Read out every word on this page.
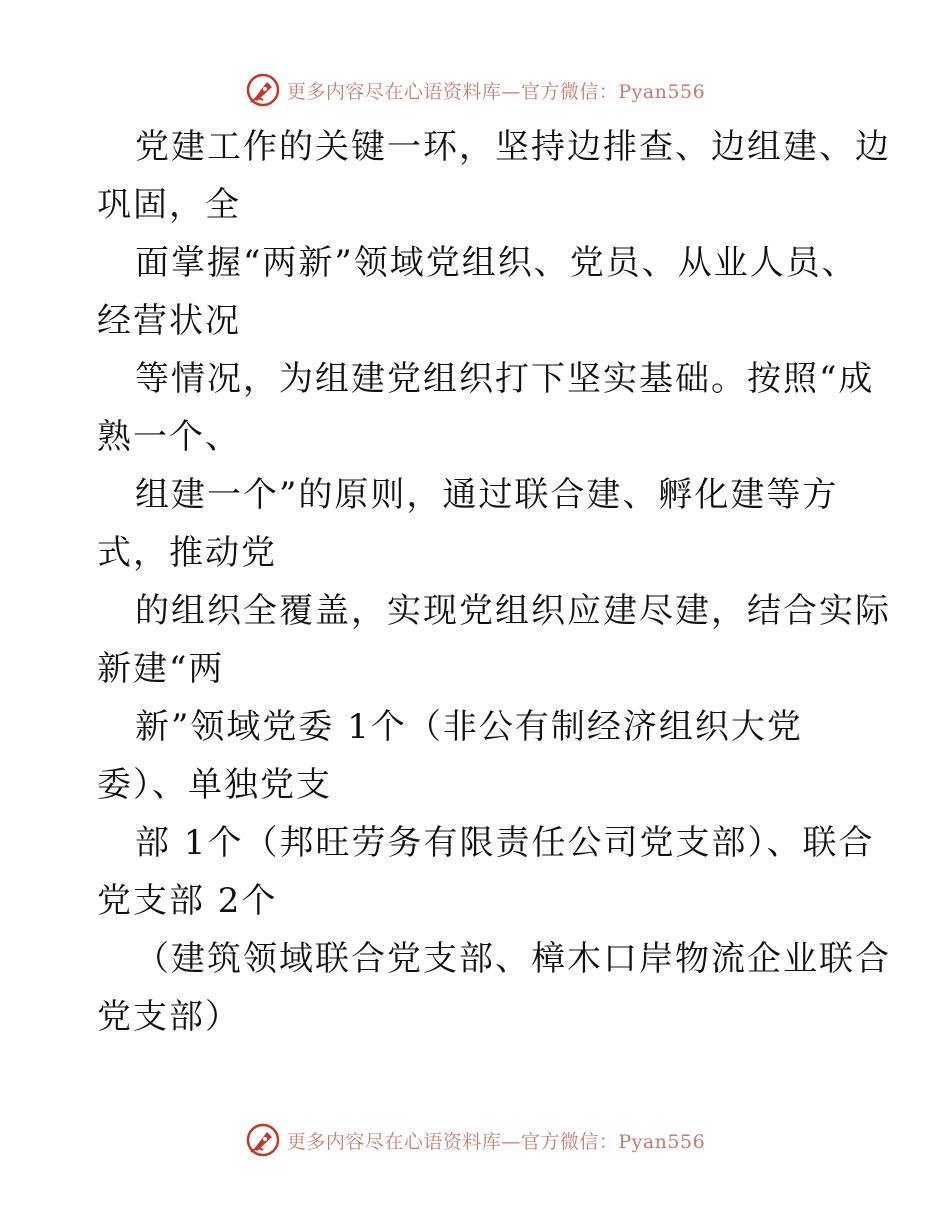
更多内容尽在心语资料库—官方微信：Pyan556
党建工作的关键一环，坚持边排查、边组建、边
巩固，全
面掌握“两新”领域党组织、党员、从业人员、
经营状况
等情况，为组建党组织打下坚实基础。按照“成
熟一个、
组建一个”的原则，通过联合建、孵化建等方
式，推动党
的组织全覆盖，实现党组织应建尽建，结合实际
新建“两
新”领域党委 1个（非公有制经济组织大党
委）、单独党支
部 1个（邦旺劳务有限责任公司党支部）、联合
党支部 2个
（建筑领域联合党支部、樟木口岸物流企业联合
党支部）
更多内容尽在心语资料库—官方微信：Pyan556
